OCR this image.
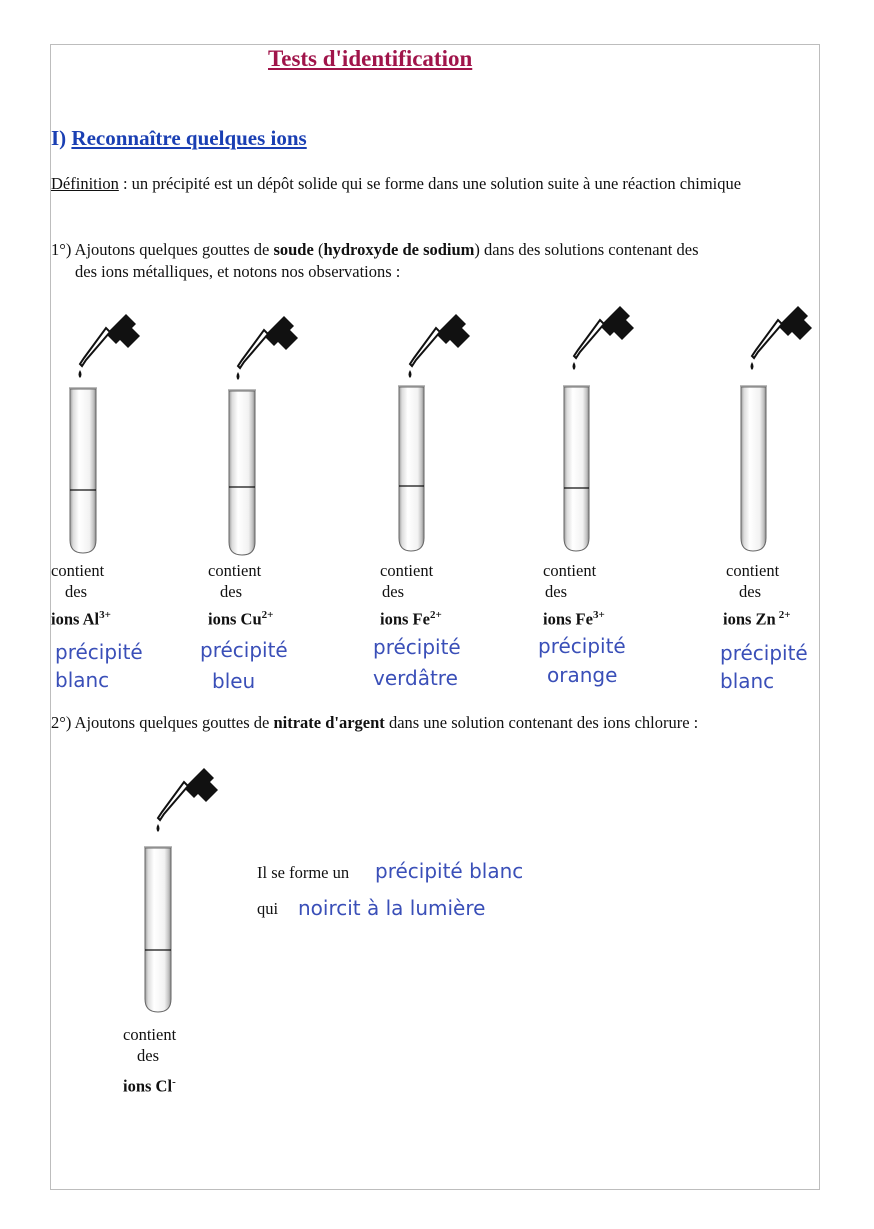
Tests d'identification
I) Reconnaître quelques ions
Définition : un précipité est un dépôt solide qui se forme dans une solution suite à une réaction chimique
1°) Ajoutons quelques gouttes de soude (hydroxyde de sodium) dans des solutions contenant des
des ions métalliques, et notons nos observations :
contient
des
ions $Al^{3+}$
contient
des
ions $Cu^{2+}$
contient
des
ions $Fe^{2+}$
contient
des
ions $Fe^{3+}$
contient
des
ions Zn $^{2+}$
précipité
blanc
précipité
bleu
précipité
verdâtre
précipité
orange
précipité
blanc
2°) Ajoutons quelques gouttes de nitrate d'argent dans une solution contenant des ions chlorure :
contient
des
ions Cl-
Il se forme un précipité blanc
qui noircit à la lumière
